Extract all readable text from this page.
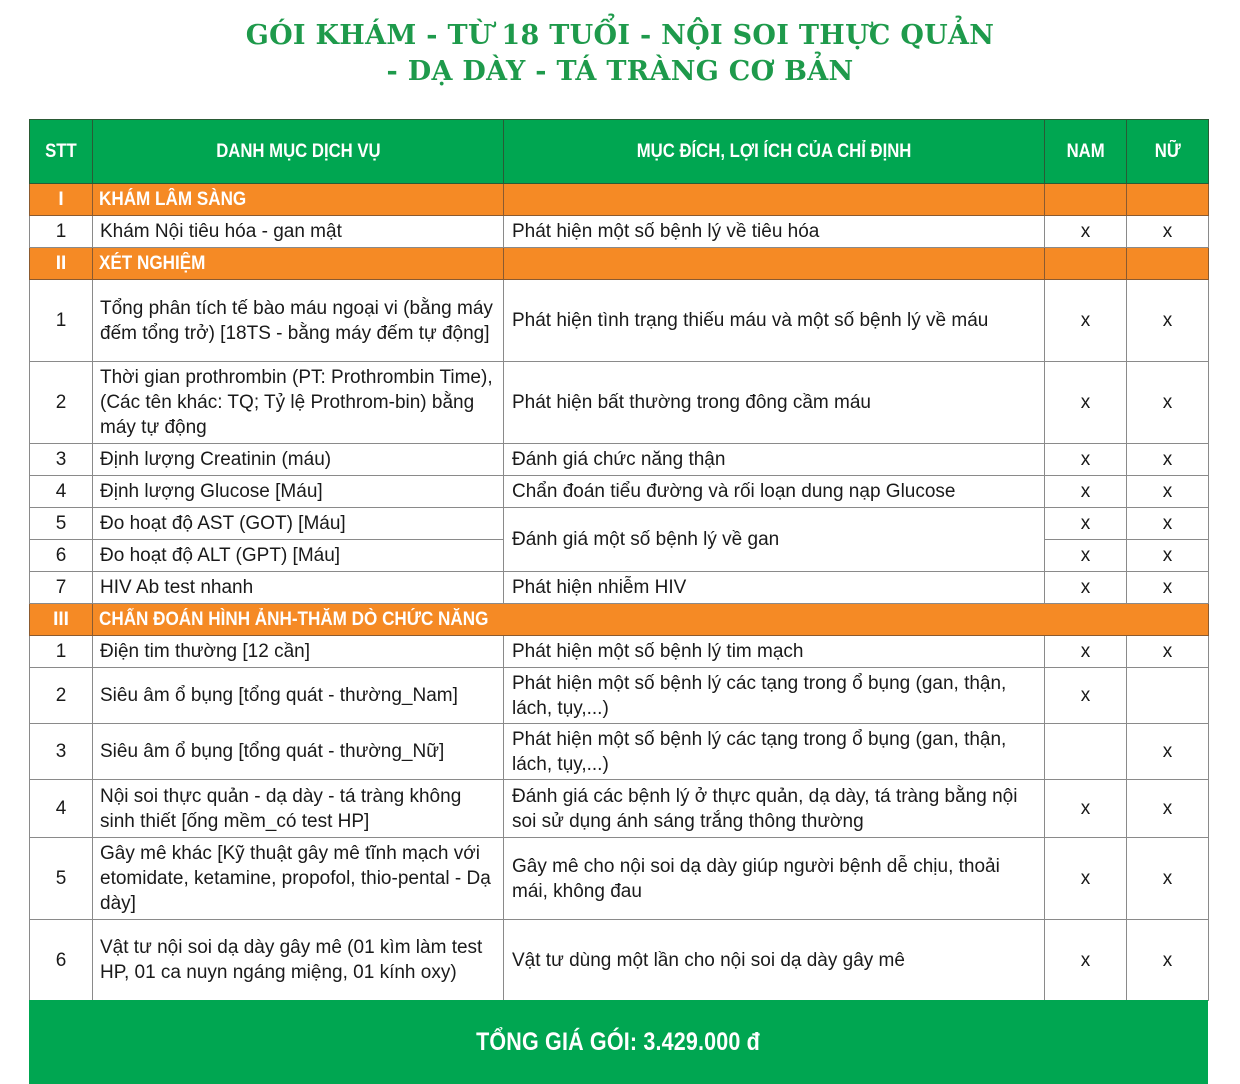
GÓI KHÁM - TỪ 18 TUỔI - NỘI SOI THỰC QUẢN
- DẠ DÀY - TÁ TRÀNG CƠ BẢN
STT	DANH MỤC DỊCH VỤ	MỤC ĐÍCH, LỢI ÍCH CỦA CHỈ ĐỊNH	NAM	NỮ
I	KHÁM LÂM SÀNG			
1	Khám Nội tiêu hóa - gan mật	Phát hiện một số bệnh lý về tiêu hóa	x	x
II	XÉT NGHIỆM			
1	Tổng phân tích tế bào máu ngoại vi (bằng máy đếm tổng trở) [18TS - bằng máy đếm tự động]	Phát hiện tình trạng thiếu máu và một số bệnh lý về máu	x	x
2	Thời gian prothrombin (PT: Prothrombin Time), (Các tên khác: TQ; Tỷ lệ Prothrom-bin) bằng máy tự động	Phát hiện bất thường trong đông cầm máu	x	x
3	Định lượng Creatinin (máu)	Đánh giá chức năng thận	x	x
4	Định lượng Glucose [Máu]	Chẩn đoán tiểu đường và rối loạn dung nạp Glucose	x	x
5	Đo hoạt độ AST (GOT) [Máu]	Đánh giá một số bệnh lý về gan	x	x
6	Đo hoạt độ ALT (GPT) [Máu]		x	x
7	HIV Ab test nhanh	Phát hiện nhiễm HIV	x	x
III	CHẨN ĐOÁN HÌNH ẢNH-THĂM DÒ CHỨC NĂNG			
1	Điện tim thường [12 cần]	Phát hiện một số bệnh lý tim mạch	x	x
2	Siêu âm ổ bụng [tổng quát - thường_Nam]	Phát hiện một số bệnh lý các tạng trong ổ bụng (gan, thận, lách, tụy,...)	x	
3	Siêu âm ổ bụng [tổng quát - thường_Nữ]	Phát hiện một số bệnh lý các tạng trong ổ bụng (gan, thận, lách, tụy,...)		x
4	Nội soi thực quản - dạ dày - tá tràng không sinh thiết [ống mềm_có test HP]	Đánh giá các bệnh lý ở thực quản, dạ dày, tá tràng bằng nội soi sử dụng ánh sáng trắng thông thường	x	x
5	Gây mê khác [Kỹ thuật gây mê tĩnh mạch với etomidate, ketamine, propofol, thio-pental - Dạ dày]	Gây mê cho nội soi dạ dày giúp người bệnh dễ chịu, thoải mái, không đau	x	x
6	Vật tư nội soi dạ dày gây mê (01 kìm làm test HP, 01 ca nuyn ngáng miệng, 01 kính oxy)	Vật tư dùng một lần cho nội soi dạ dày gây mê	x	x
TỔNG GIÁ GÓI: 3.429.000 đ
